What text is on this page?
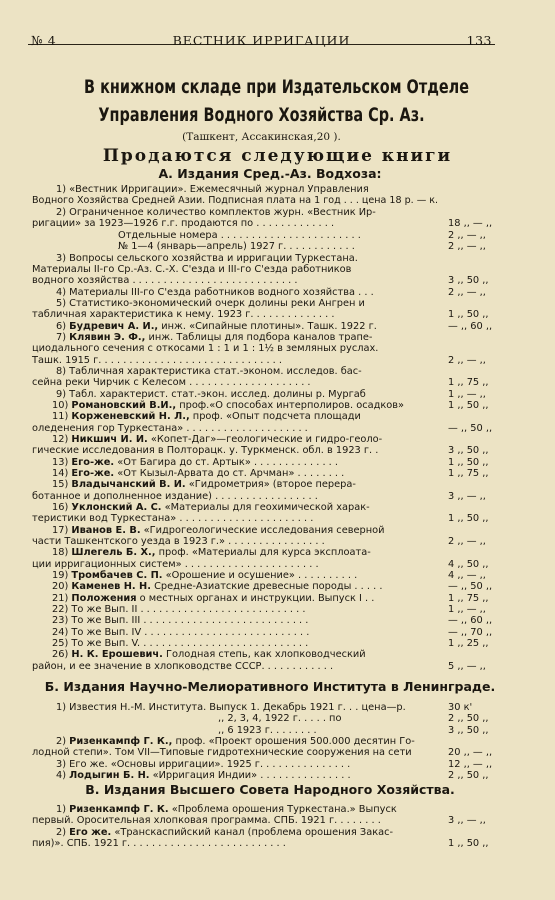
№ 4	ВЕСТНИК ИРРИГАЦИИ	133
В книжном складе при Издательском Отделе
Управления Водного Хозяйства Ср. Аз.
(Ташкент, Ассакинская,20 ).
Продаются следующие книги
А. Издания Сред.-Аз. Водхоза:
Б. Издания Научно-Мелиоративного Института в Ленинграде.
В. Издания Высшего Совета Народного Хозяйства.
1) «Вестник Ирригации». Ежемесячный журнал Управления
Водного Хозяйства Средней Азии. Подписная плата на 1 год . . . цена 18 р. — к.
2) Ограниченное количество комплектов журн. «Вестник Ир-
ригации» за 1923—1926 г.г. продаются по . . . . . . . . . . . . .
Отдельные номера . . . . . . . . . . . . . . . . . . . . . . .
№ 1—4 (январь—апрель) 1927 г. . . . . . . . . . . .
3) Вопросы сельского хозяйства и ирригации Туркестана.
Материалы II-го Ср.-Аз. С.-Х. С'езда и III-го С'езда работников
водного хозяйства . . . . . . . . . . . . . . . . . . . . . . . . . . .
4) Материалы III-го С'езда работников водного хозяйства . . .
5) Статистико-экономический очерк долины реки Ангрен и
табличная характеристика к нему. 1923 г. . . . . . . . . . . . . .
6) Будревич А. И., инж. «Сипайные плотины». Ташк. 1922 г.
7) Клявин Э. Ф., инж. Таблицы для подбора каналов трапе-
циодального сечения с откосами 1 : 1 и 1 : 1½ в земляных руслах.
Ташк. 1915 г. . . . . . . . . . . . . . . . . . . . . . . . . . . . . .
8) Табличная характеристика стат.-эконом. исследов. бас-
сейна реки Чирчик с Келесом . . . . . . . . . . . . . . . . . . . .
9) Табл. характерист. стат.-экон. исслед. долины р. Мургаб
10) Романовский В.И., проф.«О способах интерполиров. осадков»
11) Корженевский Н. Л., проф. «Опыт подсчета площади
оледенения гор Туркестана» . . . . . . . . . . . . . . . . . . . .
12) Никшич И. И. «Копет-Даг»—геологические и гидро-геоло-
гические исследования в Полторацк. у. Туркменск. обл. в 1923 г. .
13) Его-же. «От Багира до ст. Артык» . . . . . . . . . . . . . .
14) Его-же. «От Кызыл-Арвата до ст. Арчман» . . . . . . . .
15) Владычанский В. И. «Гидрометрия» (второе перера-
ботанное и дополненное издание) . . . . . . . . . . . . . . . . .
16) Уклонский А. С. «Материалы для геохимической харак-
теристики вод Туркестана» . . . . . . . . . . . . . . . . . . . . . .
17) Иванов Е. В. «Гидрогеологические исследования северной
части Ташкентского уезда в 1923 г.» . . . . . . . . . . . . . . . .
18) Шлегель Б. Х., проф. «Материалы для курса эксплоата-
ции ирригационных систем» . . . . . . . . . . . . . . . . . . . . . .
19) Тромбачев С. П. «Орошение и осушение» . . . . . . . . . .
20) Каменев Н. Н. Средне-Азиатские древесные породы . . . . .
21) Положения о местных органах и инструкции. Выпуск I . .
22) То же Вып. II . . . . . . . . . . . . . . . . . . . . . . . . . . .
23) То же Вып. III . . . . . . . . . . . . . . . . . . . . . . . . . . .
24) То же Вып. IV . . . . . . . . . . . . . . . . . . . . . . . . . . .
25) То же Вып. V. . . . . . . . . . . . . . . . . . . . . . . . . . . .
26) Н. К. Ерошевич. Голодная степь, как хлопководческий
район, и ее значение в хлопководстве СССР. . . . . . . . . . . .
1) Известия Н.-М. Института. Выпуск 1. Декабрь 1921 г. . . цена—р.
,, 2, 3, 4, 1922 г. . . . . по
,, 6 1923 г. . . . . . . .
2) Ризенкампф Г. К., проф. «Проект орошения 500.000 десятин Го-
лодной степи». Том VII—Типовые гидротехнические сооружения на сети
3) Его же. «Основы ирригации». 1925 г. . . . . . . . . . . . . . .
4) Лодыгин Б. Н. «Ирригация Индии» . . . . . . . . . . . . . . .
1) Ризенкампф Г. К. «Проблема орошения Туркестана.» Выпуск
первый. Оросительная хлопковая программа. СПБ. 1921 г. . . . . . . .
2) Его же. «Транскаспийский канал (проблема орошения Закас-
пия)». СПБ. 1921 г. . . . . . . . . . . . . . . . . . . . . . . . . .
18 ,, — ,,
2 ,, — ,,
2 ,, — ,,
3 ,, 50 ,,
2 ,, — ,,
1 ,, 50 ,,
— ,, 60 ,,
2 ,, — ,,
1 ,, 75 ,,
1 ,, — ,,
1 ,, 50 ,,
— ,, 50 ,,
3 ,, 50 ,,
1 ,, 50 ,,
1 ,, 75 ,,
3 ,, — ,,
1 ,, 50 ,,
2 ,, — ,,
4 ,, 50 ,,
4 ,, — ,,
— ,, 50 ,,
1 ,, 75 ,,
1 ,, — ,,
— ,, 60 ,,
— ,, 70 ,,
1 ,, 25 ,,
5 ,, — ,,
30 к'
2 ,, 50 ,,
3 ,, 50 ,,
20 ,, — ,,
12 ,, — ,,
2 ,, 50 ,,
3 ,, — ,,
1 ,, 50 ,,
